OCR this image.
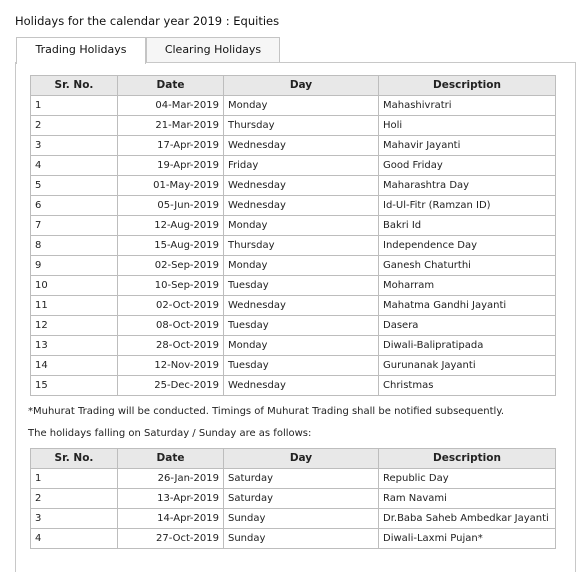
Holidays for the calendar year 2019 : Equities
Trading Holidays	Clearing Holidays
Sr. No.	Date	Day	Description
1	04-Mar-2019	Monday	Mahashivratri
2	21-Mar-2019	Thursday	Holi
3	17-Apr-2019	Wednesday	Mahavir Jayanti
4	19-Apr-2019	Friday	Good Friday
5	01-May-2019	Wednesday	Maharashtra Day
6	05-Jun-2019	Wednesday	Id-Ul-Fitr (Ramzan ID)
7	12-Aug-2019	Monday	Bakri Id
8	15-Aug-2019	Thursday	Independence Day
9	02-Sep-2019	Monday	Ganesh Chaturthi
10	10-Sep-2019	Tuesday	Moharram
11	02-Oct-2019	Wednesday	Mahatma Gandhi Jayanti
12	08-Oct-2019	Tuesday	Dasera
13	28-Oct-2019	Monday	Diwali-Balipratipada
14	12-Nov-2019	Tuesday	Gurunanak Jayanti
15	25-Dec-2019	Wednesday	Christmas
*Muhurat Trading will be conducted. Timings of Muhurat Trading shall be notified subsequently.
The holidays falling on Saturday / Sunday are as follows:
Sr. No.	Date	Day	Description
1	26-Jan-2019	Saturday	Republic Day
2	13-Apr-2019	Saturday	Ram Navami
3	14-Apr-2019	Sunday	Dr.Baba Saheb Ambedkar Jayanti
4	27-Oct-2019	Sunday	Diwali-Laxmi Pujan*
